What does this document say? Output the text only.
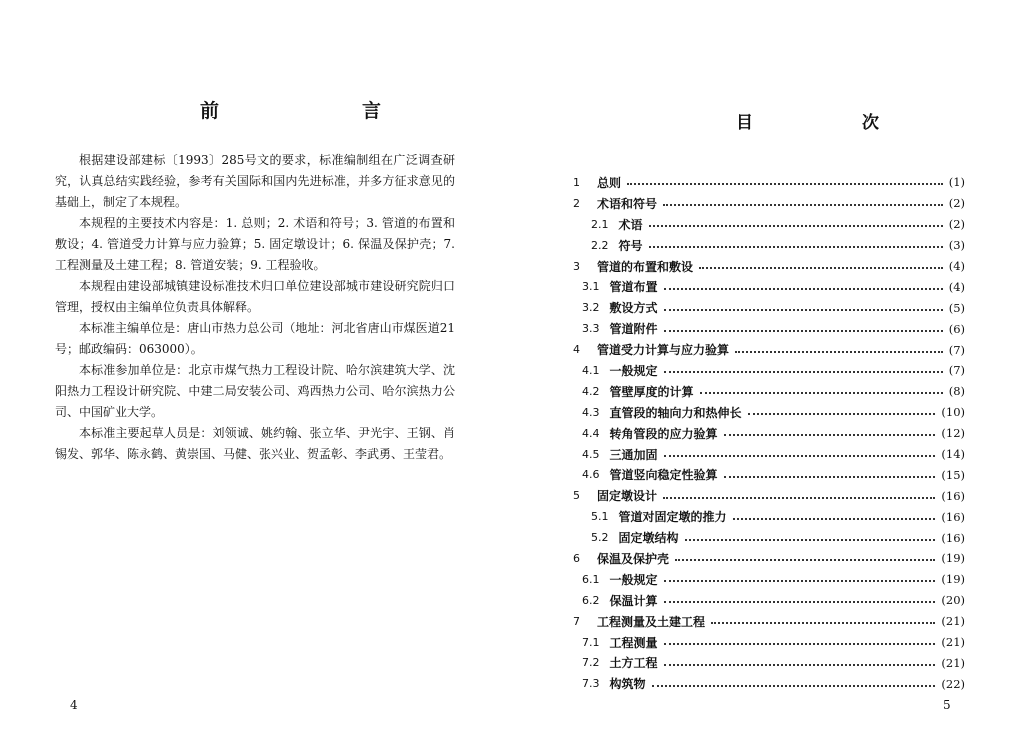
前　言

根据建设部建标〔1993〕285号文的要求，标准编制组在广泛调查研究，认真总结实践经验，参考有关国际和国内先进标准，并多方征求意见的基础上，制定了本规程。

本规程的主要技术内容是：1. 总则；2. 术语和符号；3. 管道的布置和敷设；4. 管道受力计算与应力验算；5. 固定墩设计；6. 保温及保护壳；7. 工程测量及土建工程；8. 管道安装；9. 工程验收。

本规程由建设部城镇建设标准技术归口单位建设部城市建设研究院归口管理，授权由主编单位负责具体解释。

本标准主编单位是：唐山市热力总公司（地址：河北省唐山市煤医道21号；邮政编码：063000）。

本标准参加单位是：北京市煤气热力工程设计院、哈尔滨建筑大学、沈阳热力工程设计研究院、中建二局安装公司、鸡西热力公司、哈尔滨热力公司、中国矿业大学。

本标准主要起草人员是：刘领诚、姚约翰、张立华、尹光宇、王钢、肖锡发、郭华、陈永鹤、黄崇国、马健、张兴业、贺孟彰、李武勇、王莹君。

4
目　次
1	总则	(1)
2	术语和符号	(2)
2.1 术语	(2)
2.2 符号	(3)
3	管道的布置和敷设	(4)
3.1 管道布置	(4)
3.2 敷设方式	(5)
3.3 管道附件	(6)
4	管道受力计算与应力验算	(7)
4.1 一般规定	(7)
4.2 管壁厚度的计算	(8)
4.3 直管段的轴向力和热伸长	(10)
4.4 转角管段的应力验算	(12)
4.5 三通加固	(14)
4.6 管道竖向稳定性验算	(15)
5	固定墩设计	(16)
5.1 管道对固定墩的推力	(16)
5.2 固定墩结构	(16)
6	保温及保护壳	(19)
6.1 一般规定	(19)
6.2 保温计算	(20)
7	工程测量及土建工程	(21)
7.1 工程测量	(21)
7.2 土方工程	(21)
7.3 构筑物	(22)
5
